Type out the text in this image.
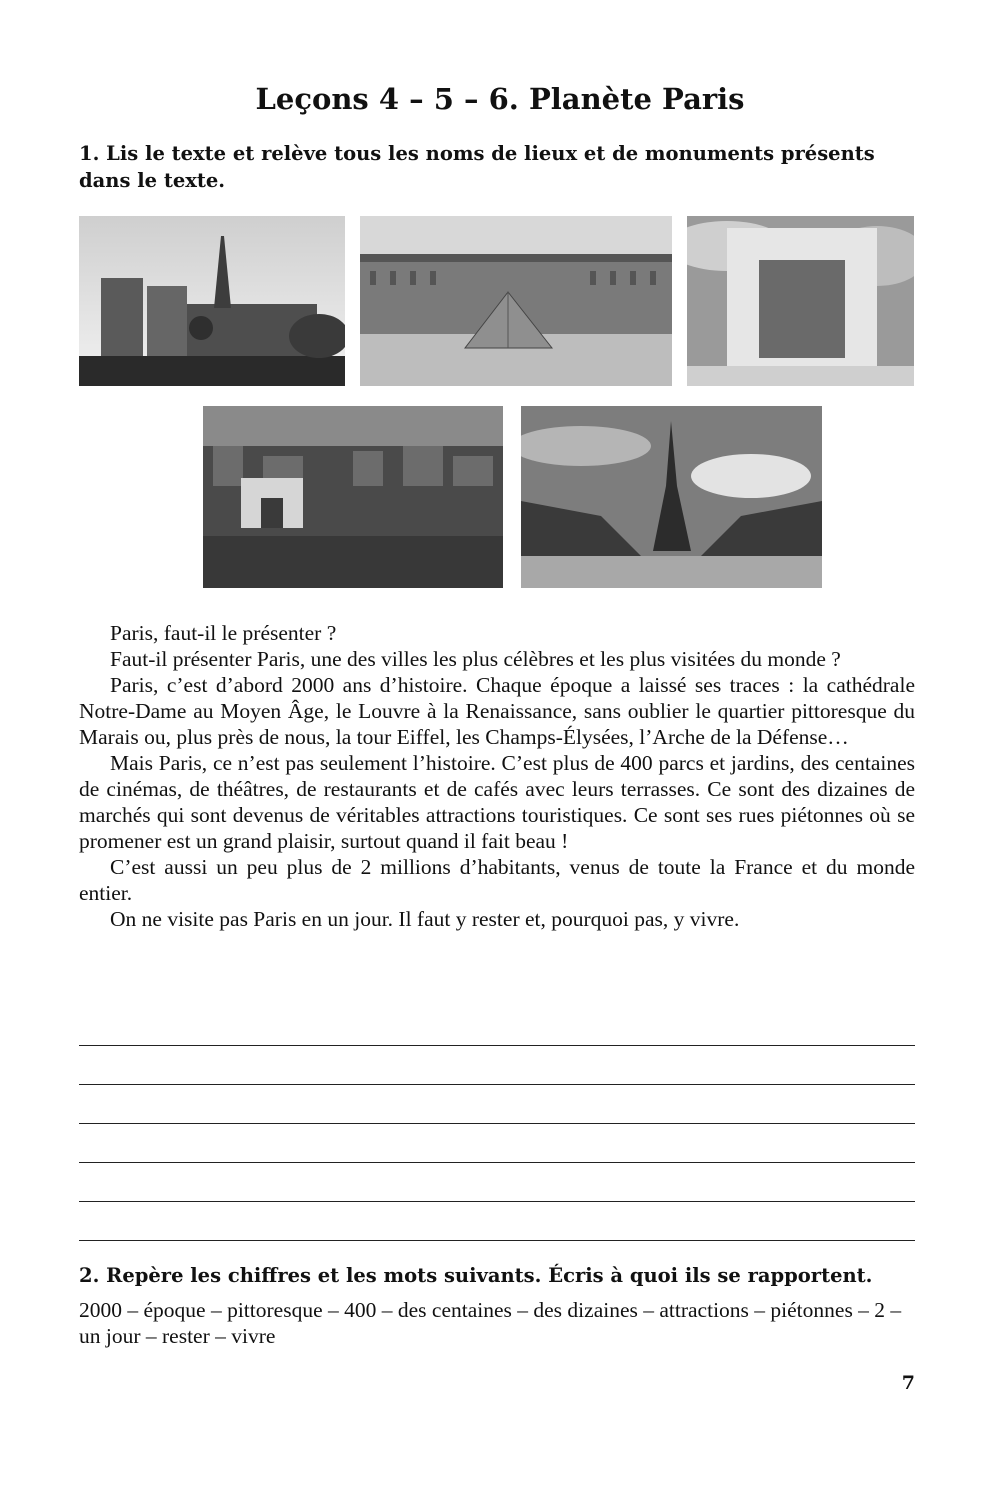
Leçons 4 – 5 – 6. Planète Paris

1. Lis le texte et relève tous les noms de lieux et de monuments présents dans le texte.

Paris, faut-il le présenter ?

Faut-il présenter Paris, une des villes les plus célèbres et les plus visitées du monde ?

Paris, c’est d’abord 2000 ans d’histoire. Chaque époque a laissé ses traces : la cathédrale Notre-Dame au Moyen Âge, le Louvre à la Renaissance, sans oublier le quartier pittoresque du Marais ou, plus près de nous, la tour Eiffel, les Champs-Élysées, l’Arche de la Défense…

Mais Paris, ce n’est pas seulement l’histoire. C’est plus de 400 parcs et jardins, des centaines de cinémas, de théâtres, de restaurants et de cafés avec leurs terrasses. Ce sont des dizaines de marchés qui sont devenus de véritables attractions touristiques. Ce sont ses rues piétonnes où se promener est un grand plaisir, surtout quand il fait beau !

C’est aussi un peu plus de 2 millions d’habitants, venus de toute la France et du monde entier.

On ne visite pas Paris en un jour. Il faut y rester et, pourquoi pas, y vivre.

2. Repère les chiffres et les mots suivants. Écris à quoi ils se rapportent.

2000 – époque – pittoresque – 400 – des centaines – des dizaines – attractions – piétonnes – 2 – un jour – rester – vivre

7
